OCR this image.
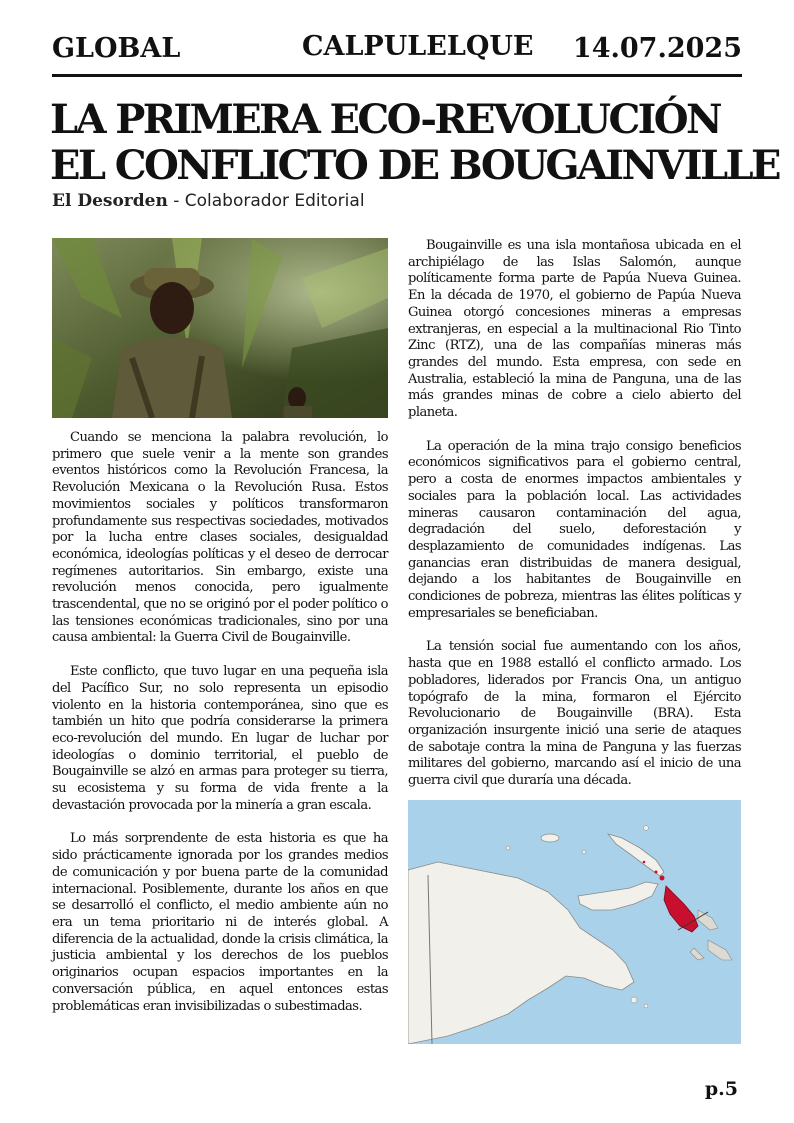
GLOBAL	CALPULELQUE 14.07.2025
LA PRIMERA ECO-REVOLUCIÓN
EL CONFLICTO DE BOUGAINVILLE
El Desorden - Colaborador Editorial

Cuando se menciona la palabra revolución, lo primero que suele venir a la mente son grandes eventos históricos como la Revolución Francesa, la Revolución Mexicana o la Revolución Rusa. Estos movimientos sociales y políticos transformaron profundamente sus respectivas sociedades, motivados por la lucha entre clases sociales, desigualdad económica, ideologías políticas y el deseo de derrocar regímenes autoritarios. Sin embargo, existe una revolución menos conocida, pero igualmente trascendental, que no se originó por el poder político o las tensiones económicas tradicionales, sino por una causa ambiental: la Guerra Civil de Bougainville.

Este conflicto, que tuvo lugar en una pequeña isla del Pacífico Sur, no solo representa un episodio violento en la historia contemporánea, sino que es también un hito que podría considerarse la primera eco-revolución del mundo. En lugar de luchar por ideologías o dominio territorial, el pueblo de Bougainville se alzó en armas para proteger su tierra, su ecosistema y su forma de vida frente a la devastación provocada por la minería a gran escala.

Lo más sorprendente de esta historia es que ha sido prácticamente ignorada por los grandes medios de comunicación y por buena parte de la comunidad internacional. Posiblemente, durante los años en que se desarrolló el conflicto, el medio ambiente aún no era un tema prioritario ni de interés global. A diferencia de la actualidad, donde la crisis climática, la justicia ambiental y los derechos de los pueblos originarios ocupan espacios importantes en la conversación pública, en aquel entonces estas problemáticas eran invisibilizadas o subestimadas.

Bougainville es una isla montañosa ubicada en el archipiélago de las Islas Salomón, aunque políticamente forma parte de Papúa Nueva Guinea. En la década de 1970, el gobierno de Papúa Nueva Guinea otorgó concesiones mineras a empresas extranjeras, en especial a la multinacional Rio Tinto Zinc (RTZ), una de las compañías mineras más grandes del mundo. Esta empresa, con sede en Australia, estableció la mina de Panguna, una de las más grandes minas de cobre a cielo abierto del planeta.

La operación de la mina trajo consigo beneficios económicos significativos para el gobierno central, pero a costa de enormes impactos ambientales y sociales para la población local. Las actividades mineras causaron contaminación del agua, degradación del suelo, deforestación y desplazamiento de comunidades indígenas. Las ganancias eran distribuidas de manera desigual, dejando a los habitantes de Bougainville en condiciones de pobreza, mientras las élites políticas y empresariales se beneficiaban.

La tensión social fue aumentando con los años, hasta que en 1988 estalló el conflicto armado. Los pobladores, liderados por Francis Ona, un antiguo topógrafo de la mina, formaron el Ejército Revolucionario de Bougainville (BRA). Esta organización insurgente inició una serie de ataques de sabotaje contra la mina de Panguna y las fuerzas militares del gobierno, marcando así el inicio de una guerra civil que duraría una década.

p.5
